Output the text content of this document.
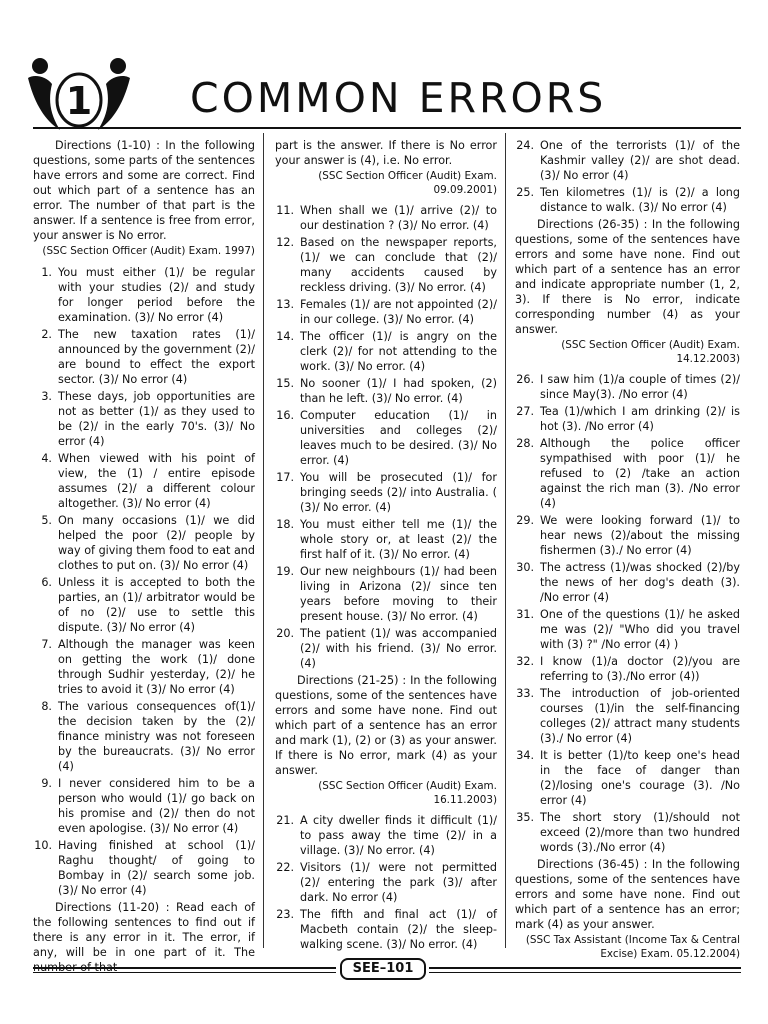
1 COMMON ERRORS

Directions (1-10) : In the following questions, some parts of the sentences have errors and some are correct. Find out which part of a sentence has an error. The number of that part is the answer. If a sentence is free from error, your answer is No error.

(SSC Section Officer (Audit) Exam. 1997)

1. You must either (1)/ be regular with your studies (2)/ and study for longer period before the examination. (3)/ No error (4)
2. The new taxation rates (1)/ announced by the government (2)/ are bound to effect the export sector. (3)/ No error (4)
3. These days, job opportunities are not as better (1)/ as they used to be (2)/ in the early 70's. (3)/ No error (4)
4. When viewed with his point of view, the (1) / entire episode assumes (2)/ a different colour altogether. (3)/ No error (4)
5. On many occasions (1)/ we did helped the poor (2)/ people by way of giving them food to eat and clothes to put on. (3)/ No error (4)
6. Unless it is accepted to both the parties, an (1)/ arbitrator would be of no (2)/ use to settle this dispute. (3)/ No error (4)
7. Although the manager was keen on getting the work (1)/ done through Sudhir yesterday, (2)/ he tries to avoid it (3)/ No error (4)
8. The various consequences of(1)/ the decision taken by the (2)/ finance ministry was not foreseen by the bureaucrats. (3)/ No error (4)
9. I never considered him to be a person who would (1)/ go back on his promise and (2)/ then do not even apologise. (3)/ No error (4)
10. Having finished at school (1)/ Raghu thought/ of going to Bombay in (2)/ search some job. (3)/ No error (4)

Directions (11-20) : Read each of the following sentences to find out if there is any error in it. The error, if any, will be in one part of it. The

part is the answer. If there is No error your answer is (4), i.e. No error.

(SSC Section Officer (Audit) Exam. 09.09.2001)

11. When shall we (1)/ arrive (2)/ to our destination ? (3)/ No error. (4)
12. Based on the newspaper reports, (1)/ we can conclude that (2)/ many accidents caused by reckless driving. (3)/ No error. (4)
13. Females (1)/ are not appointed (2)/ in our college. (3)/ No error. (4)
14. The officer (1)/ is angry on the clerk (2)/ for not attending to the work. (3)/ No error. (4)
15. No sooner (1)/ I had spoken, (2) than he left. (3)/ No error. (4)
16. Computer education (1)/ in universities and colleges (2)/ leaves much to be desired. (3)/ No error. (4)
17. You will be prosecuted (1)/ for bringing seeds (2)/ into Australia. ( (3)/ No error. (4)
18. You must either tell me (1)/ the whole story or, at least (2)/ the first half of it. (3)/ No error. (4)
19. Our new neighbours (1)/ had been living in Arizona (2)/ since ten years before moving to their present house. (3)/ No error. (4)
20. The patient (1)/ was accompanied (2)/ with his friend. (3)/ No error. (4)

Directions (21-25) : In the following questions, some of the sentences have errors and some have none. Find out which part of a sentence has an error and mark (1), (2) or (3) as your answer. If there is No error, mark (4) as your answer.

(SSC Section Officer (Audit) Exam. 16.11.2003)

21. A city dweller finds it difficult (1)/ to pass away the time (2)/ in a village. (3)/ No error. (4)
22. Visitors (1)/ were not permitted (2)/ entering the park (3)/ after dark. No error (4)
23. The fifth and final act (1)/ of Macbeth contain (2)/ the sleep-walking scene. (3)/ No error. (4)
24. One of the terrorists (1)/ of the Kashmir valley (2)/ are shot dead. (3)/ No error (4)
25. Ten kilometres (1)/ is (2)/ a long distance to walk. (3)/ No error (4)

Directions (26-35) : In the following questions, some of the sentences have errors and some have none. Find out which part of a sentence has an error and indicate appropriate number (1, 2, 3). If there is No error, indicate corresponding number (4) as your answer.

(SSC Section Officer (Audit) Exam. 14.12.2003)

26. I saw him (1)/a couple of times (2)/ since May(3). /No error (4)
27. Tea (1)/which I am drinking (2)/ is hot (3). /No error (4)
28. Although the police officer sympathised with poor (1)/ he refused to (2) /take an action against the rich man (3). /No error (4)
29. We were looking forward (1)/ to hear news (2)/about the missing fishermen (3)./ No error (4)
30. The actress (1)/was shocked (2)/by the news of her dog's death (3). /No error (4)
31. One of the questions (1)/ he asked me was (2)/ "Who did you travel with (3) ?" /No error (4) )
32. I know (1)/a doctor (2)/you are referring to (3)./No error (4))
33. The introduction of job-oriented courses (1)/in the self-financing colleges (2)/ attract many students (3)./ No error (4)
34. It is better (1)/to keep one's head in the face of danger than (2)/losing one's courage (3). /No error (4)
35. The short story (1)/should not exceed (2)/more than two hundred words (3)./No error (4)

Directions (36-45) : In the following questions, some of the sentences have errors and some have none. Find out which part of a sentence has an error; mark (4) as your answer.

(SSC Tax Assistant (Income Tax & Central Excise) Exam. 05.12.2004)

SEE–101
